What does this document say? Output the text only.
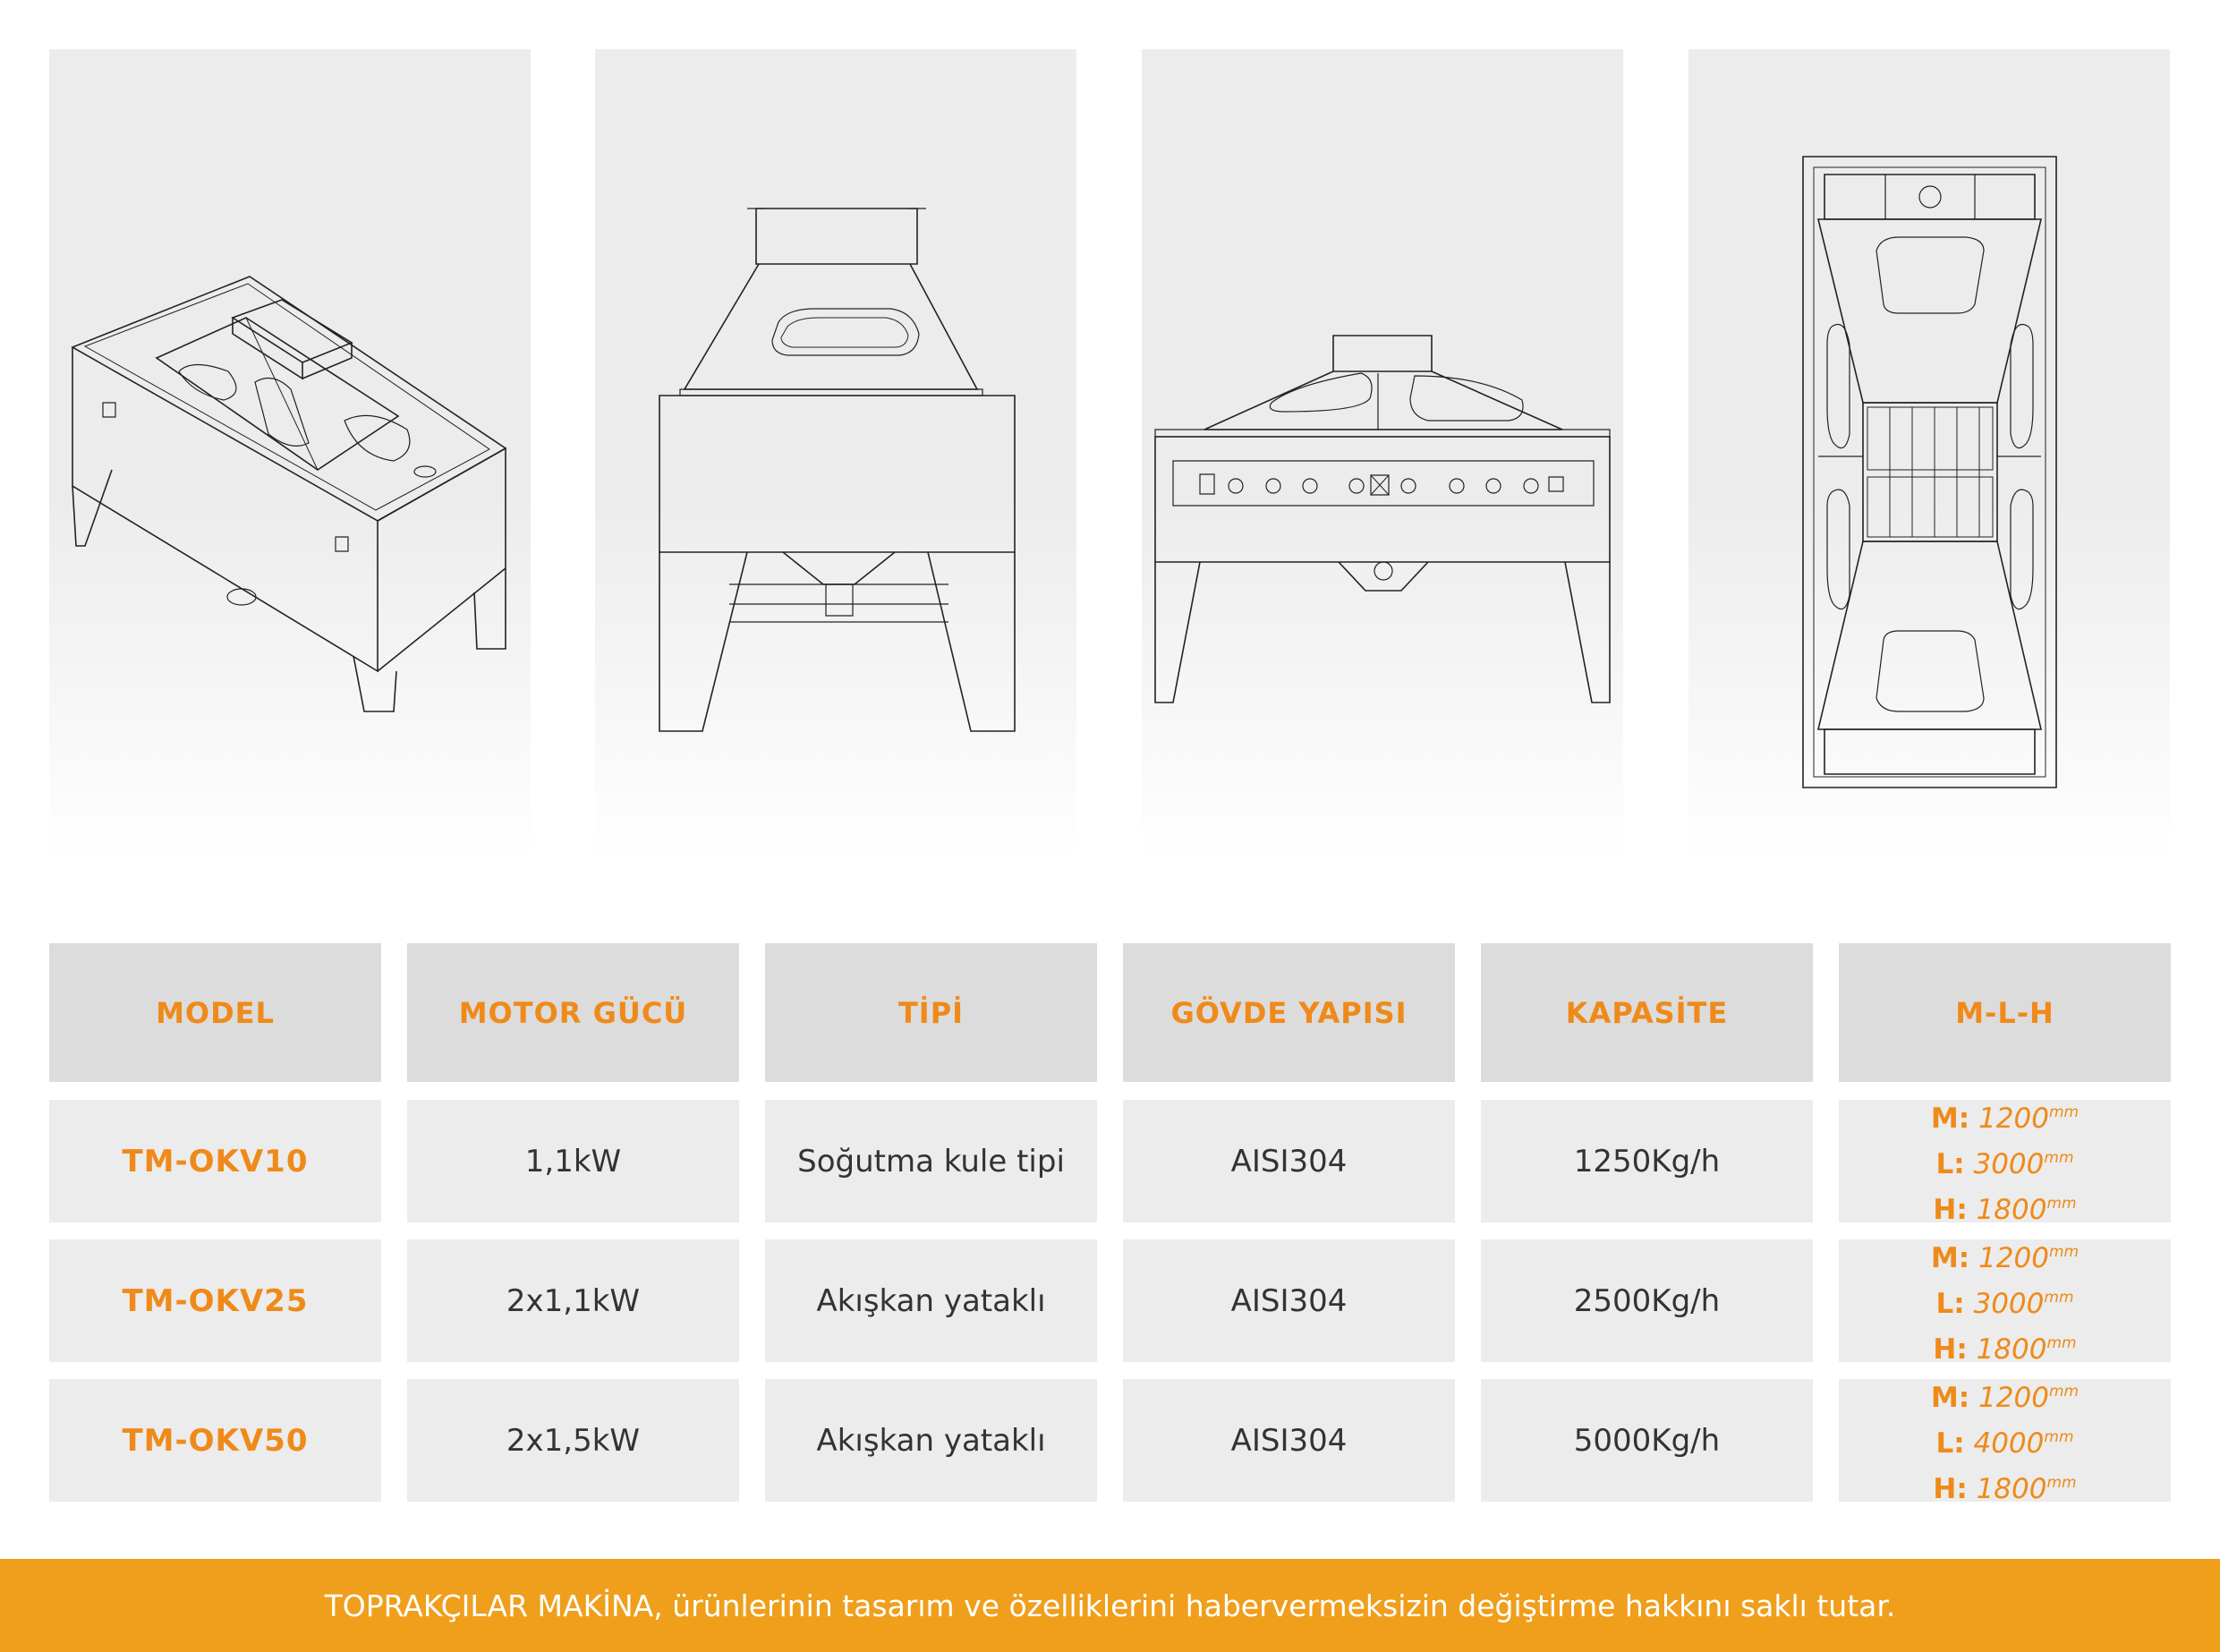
MODEL	MOTOR GÜCÜ	TİPİ	GÖVDE YAPISI	KAPASİTE	M-L-H
TM-OKV10	1,1kW	Soğutma kule tipi	AISI304	1250Kg/h
M: $1200^{mm}$
L: $3000^{mm}$
H: $1800^{mm}$
TM-OKV25	2x1,1kW	Akışkan yataklı	AISI304	2500Kg/h
M: $1200^{mm}$
L: $3000^{mm}$
H: $1800^{mm}$
TM-OKV50	2x1,5kW	Akışkan yataklı	AISI304	5000Kg/h
M: $1200^{mm}$
L: $4000^{mm}$
H: $1800^{mm}$
TOPRAKÇILAR MAKİNA, ürünlerinin tasarım ve özelliklerini habervermeksizin değiştirme hakkını saklı tutar.
